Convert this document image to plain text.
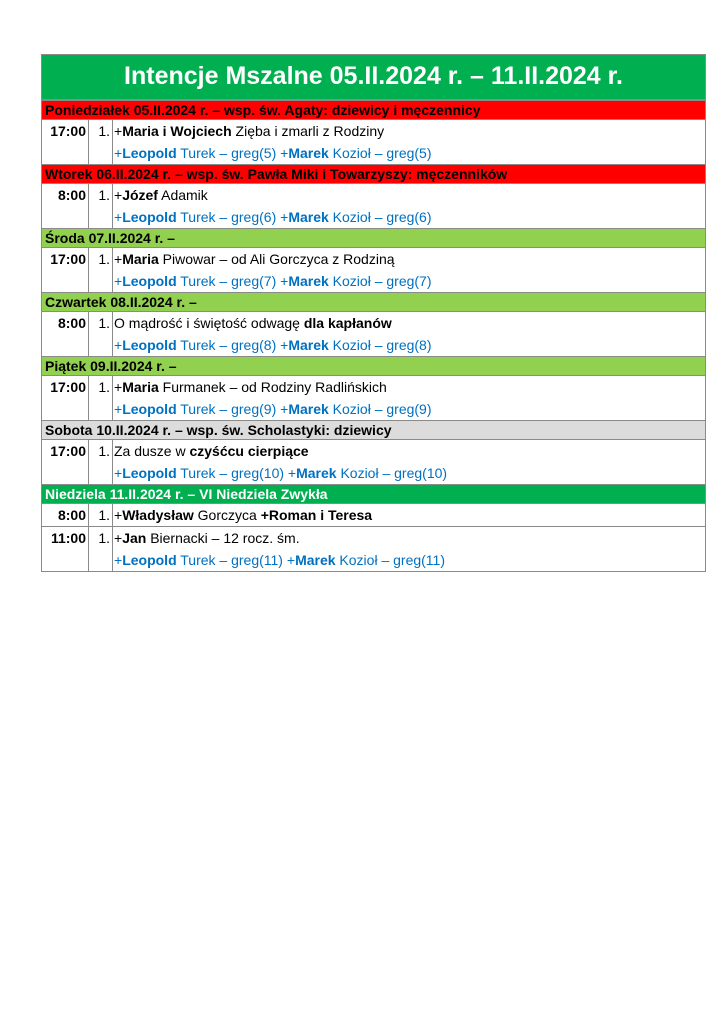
Intencje Mszalne 05.II.2024 r. – 11.II.2024 r.
Poniedziałek 05.II.2024 r. – wsp. św. Agaty: dziewicy i męczennicy
17:00 1. +Maria i Wojciech Zięba i zmarli z Rodziny
+Leopold Turek – greg(5) +Marek Kozioł – greg(5)
Wtorek 06.II.2024 r. – wsp. św. Pawła Miki i Towarzyszy: męczenników
8:00 1. +Józef Adamik
+Leopold Turek – greg(6) +Marek Kozioł – greg(6)
Środa 07.II.2024 r. –
17:00 1. +Maria Piwowar – od Ali Gorczyca z Rodziną
+Leopold Turek – greg(7) +Marek Kozioł – greg(7)
Czwartek 08.II.2024 r. –
8:00 1. O mądrość i świętość odwagę dla kapłanów
+Leopold Turek – greg(8) +Marek Kozioł – greg(8)
Piątek 09.II.2024 r. –
17:00 1. +Maria Furmanek – od Rodziny Radlińskich
+Leopold Turek – greg(9) +Marek Kozioł – greg(9)
Sobota 10.II.2024 r. – wsp. św. Scholastyki: dziewicy
17:00 1. Za dusze w czyśćcu cierpiące
+Leopold Turek – greg(10) +Marek Kozioł – greg(10)
Niedziela 11.II.2024 r. – VI Niedziela Zwykła
8:00 1. +Władysław Gorczyca +Roman i Teresa
11:00 1. +Jan Biernacki – 12 rocz. śm.
+Leopold Turek – greg(11) +Marek Kozioł – greg(11)
